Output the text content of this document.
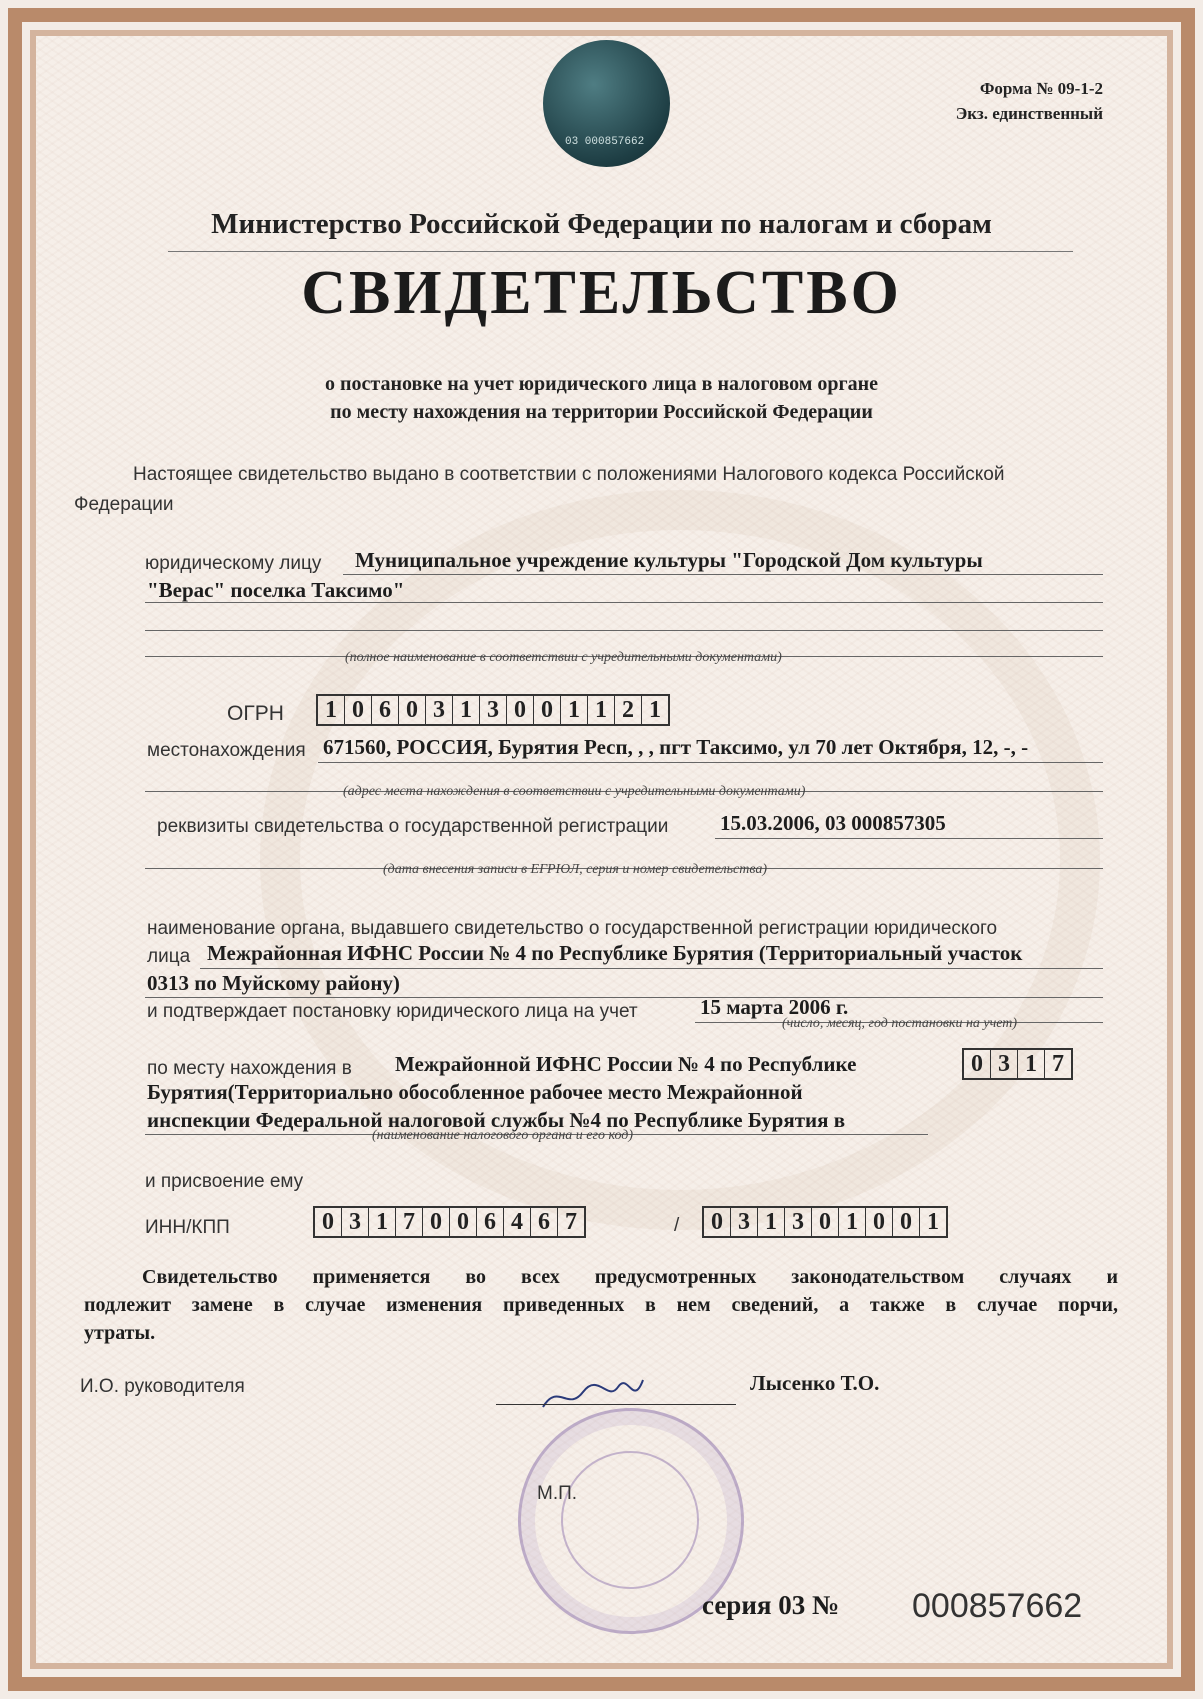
03 000857662
Форма № 09-1-2
Экз. единственный
Министерство Российской Федерации по налогам и сборам
СВИДЕТЕЛЬСТВО
о постановке на учет юридического лица в налоговом органе
по месту нахождения на территории Российской Федерации
Настоящее свидетельство выдано в соответствии с положениями Налогового кодекса Российской
Федерации
юридическому лицу Муниципальное учреждение культуры "Городской Дом культуры
"Верас" поселка Таксимо"
(полное наименование в соответствии с учредительными документами)
ОГРН 1 0 6 0 3 1 3 0 0 1 1 2 1
местонахождения 671560, РОССИЯ, Бурятия Респ, , , пгт Таксимо, ул 70 лет Октября, 12, -, -
(адрес места нахождения в соответствии с учредительными документами)
реквизиты свидетельства о государственной регистрации 15.03.2006, 03 000857305
(дата внесения записи в ЕГРЮЛ, серия и номер свидетельства)
наименование органа, выдавшего свидетельство о государственной регистрации юридического
лица Межрайонная ИФНС России № 4 по Республике Бурятия (Территориальный участок
0313 по Муйскому району)
и подтверждает постановку юридического лица на учет	15 марта 2006 г.
(число, месяц, год постановки на учет)
по месту нахождения в Межрайонной ИФНС России № 4 по Республике
Бурятия(Территориально обособленное рабочее место Межрайонной
инспекции Федеральной налоговой службы №4 по Республике Бурятия в
(наименование налогового органа и его код)
0 3 1 7
и присвоение ему
ИНН/КПП	0 3 1 7 0 0 6 4 6 7	/ 0 3 1 3 0 1 0 0 1
Свидетельство применяется во всех предусмотренных законодательством случаях и
подлежит замене в случае изменения приведенных в нем сведений, а также в случае порчи,
утраты.
И.О. руководителя	Лысенко Т.О.
М.П.
серия 03 № 000857662
